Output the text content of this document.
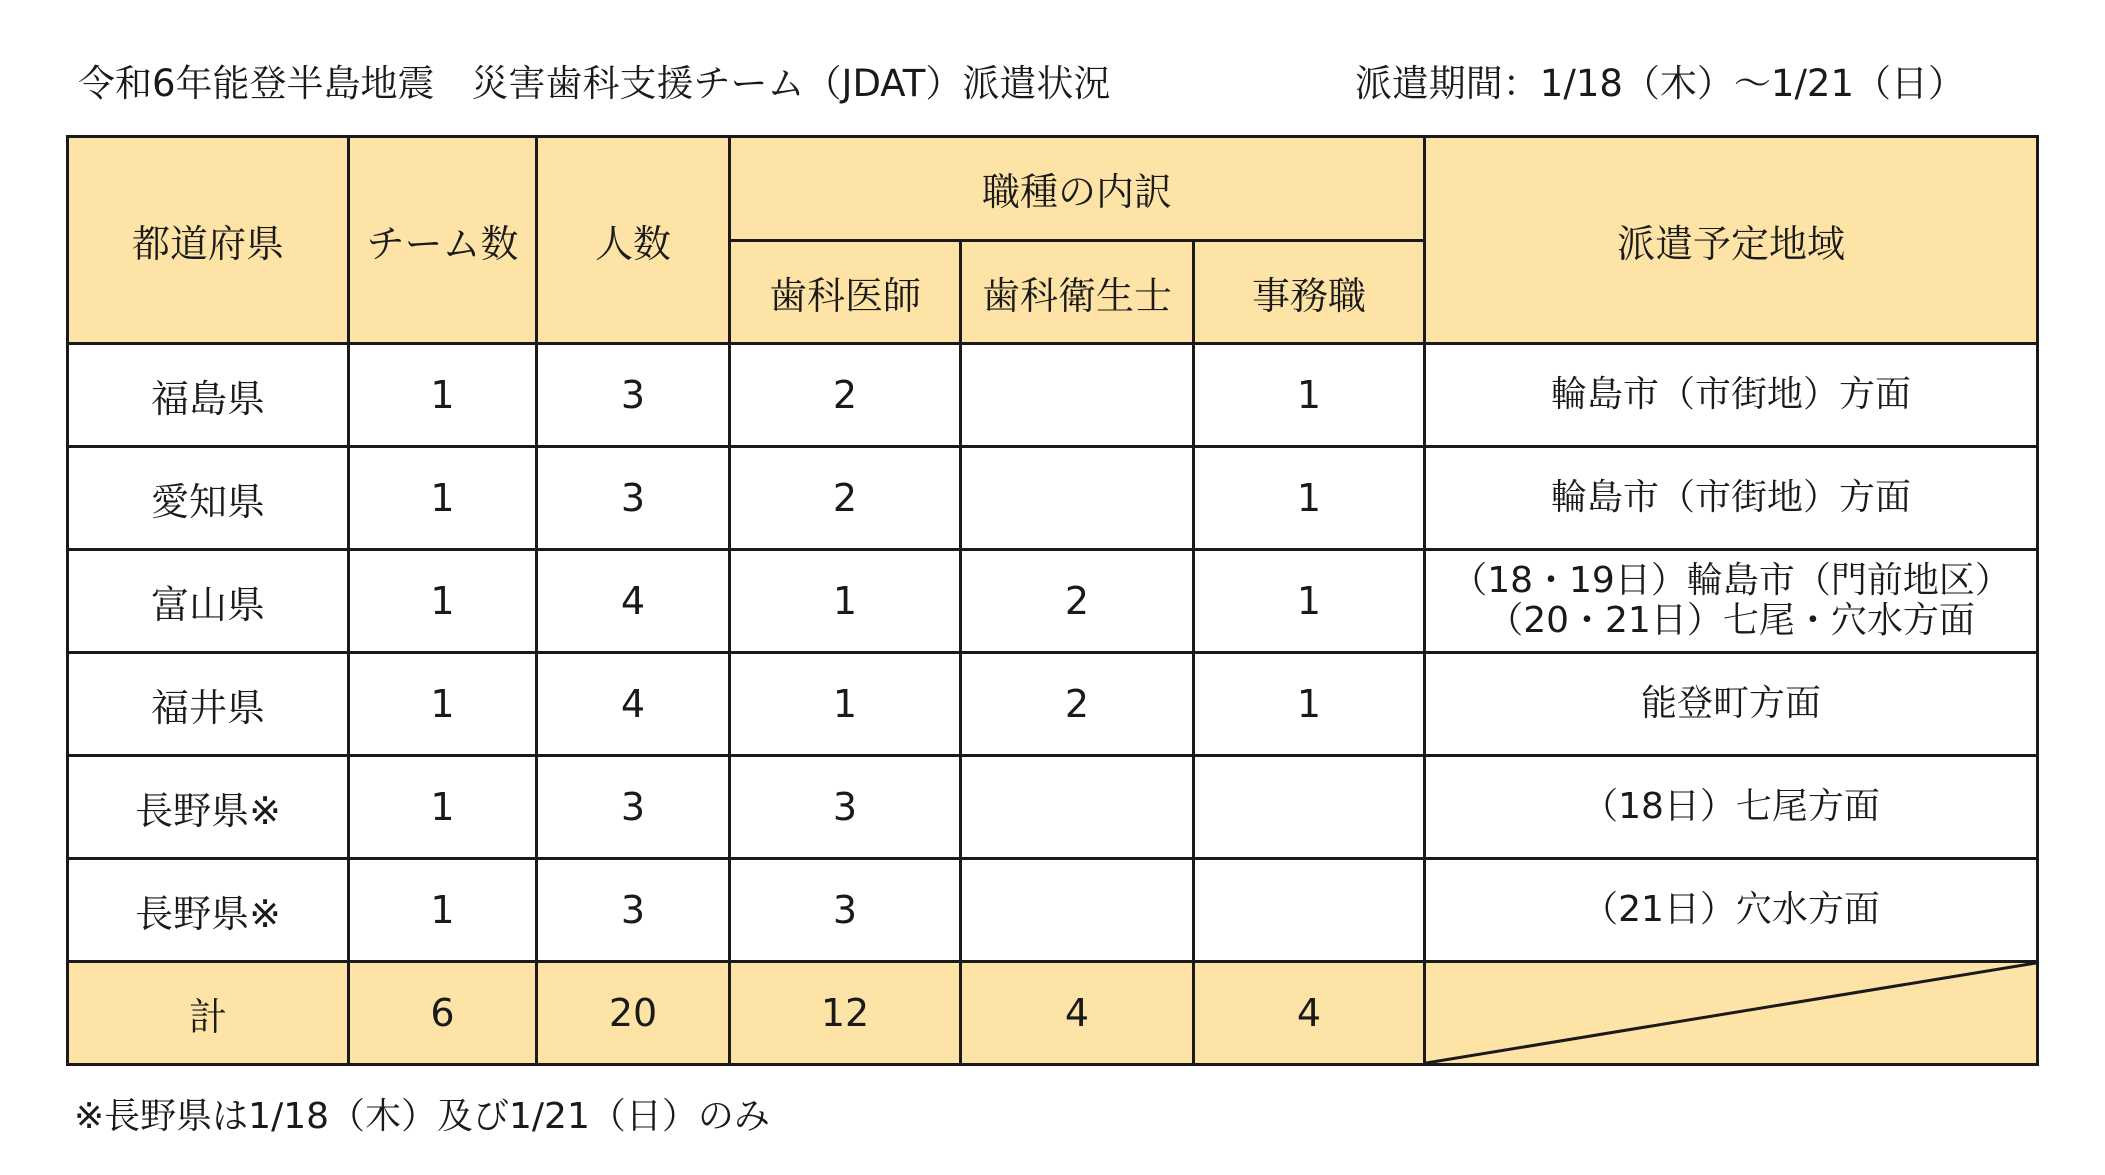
令和6年能登半島地震　災害歯科支援チーム（JDAT）派遣状況	派遣期間：1/18（木）～1/21（日）
都道府県	チーム数	人数	職種の内訳			派遣予定地域
			歯科医師	歯科衛生士	事務職	
福島県	1	3	2		1	輪島市（市街地）方面

愛知県	1	3	2		1	輪島市（市街地）方面

富山県	1	4	1	2	1	（18・19日）輪島市（門前地区）
（20・21日）七尾・穴水方面

福井県	1	4	1	2	1	能登町方面

長野県※	1	3	3			（18日）七尾方面

長野県※	1	3	3			（21日）穴水方面

計	6	20	12	4	4	
※長野県は1/18（木）及び1/21（日）のみ
